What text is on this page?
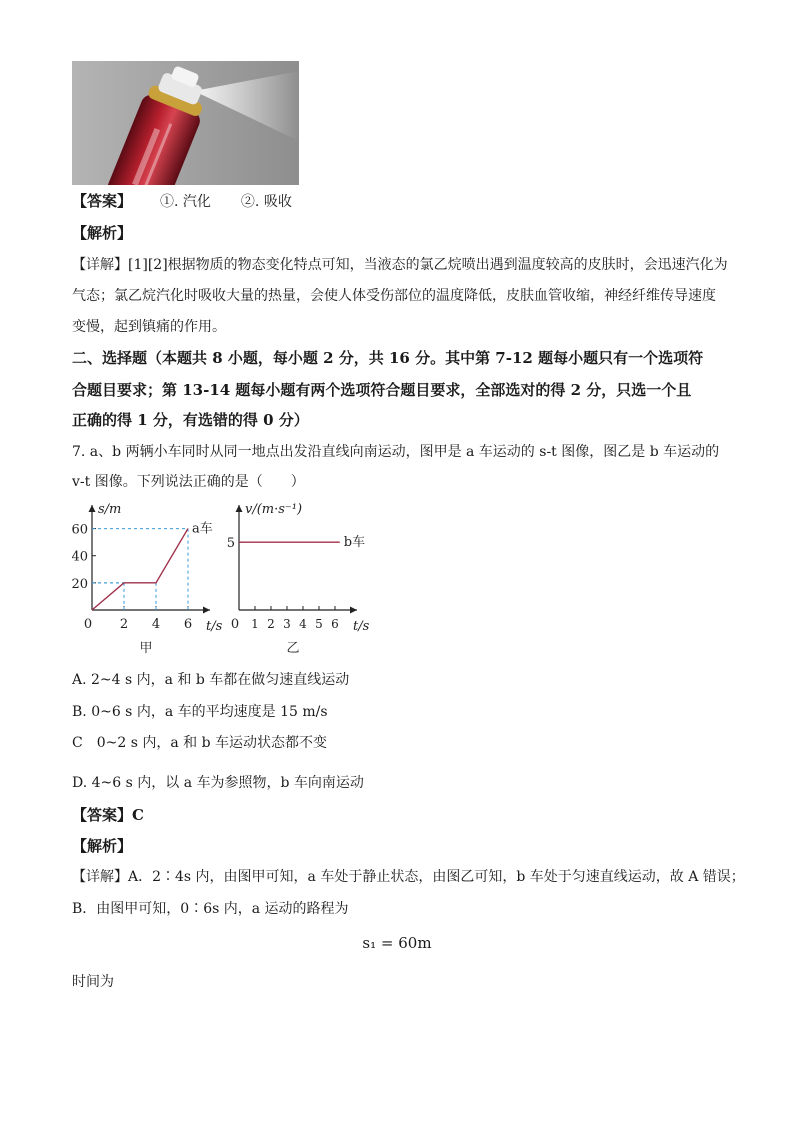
【答案】 ①. 汽化 ②. 吸收
【解析】
【详解】[1][2]根据物质的物态变化特点可知，当液态的氯乙烷喷出遇到温度较高的皮肤时，会迅速汽化为
气态；氯乙烷汽化时吸收大量的热量，会使人体受伤部位的温度降低，皮肤血管收缩，神经纤维传导速度
变慢，起到镇痛的作用。
二、选择题（本题共 8 小题，每小题 2 分，共 16 分。其中第 7-12 题每小题只有一个选项符
合题目要求；第 13-14 题每小题有两个选项符合题目要求，全部选对的得 2 分，只选一个且
正确的得 1 分，有选错的得 0 分）
7. a、b 两辆小车同时从同一地点出发沿直线向南运动，图甲是 a 车运动的 s-t 图像，图乙是 b 车运动的
v-t 图像。下列说法正确的是（　　）
t/s
s/m
0 2 4 6
20
40
60	a车
甲
t/s
v/(m·s⁻¹)
0 1 2 3 4 5 6
5	b车
乙
A. 2~4 s 内，a 和 b 车都在做匀速直线运动
B. 0~6 s 内，a 车的平均速度是 15 m/s
C　0~2 s 内，a 和 b 车运动状态都不变
D. 4~6 s 内，以 a 车为参照物，b 车向南运动
【答案】C
【解析】
【详解】A．2∶4s 内，由图甲可知，a 车处于静止状态，由图乙可知，b 车处于匀速直线运动，故 A 错误；
B．由图甲可知，0∶6s 内，a 运动的路程为
s₁ = 60m
时间为
